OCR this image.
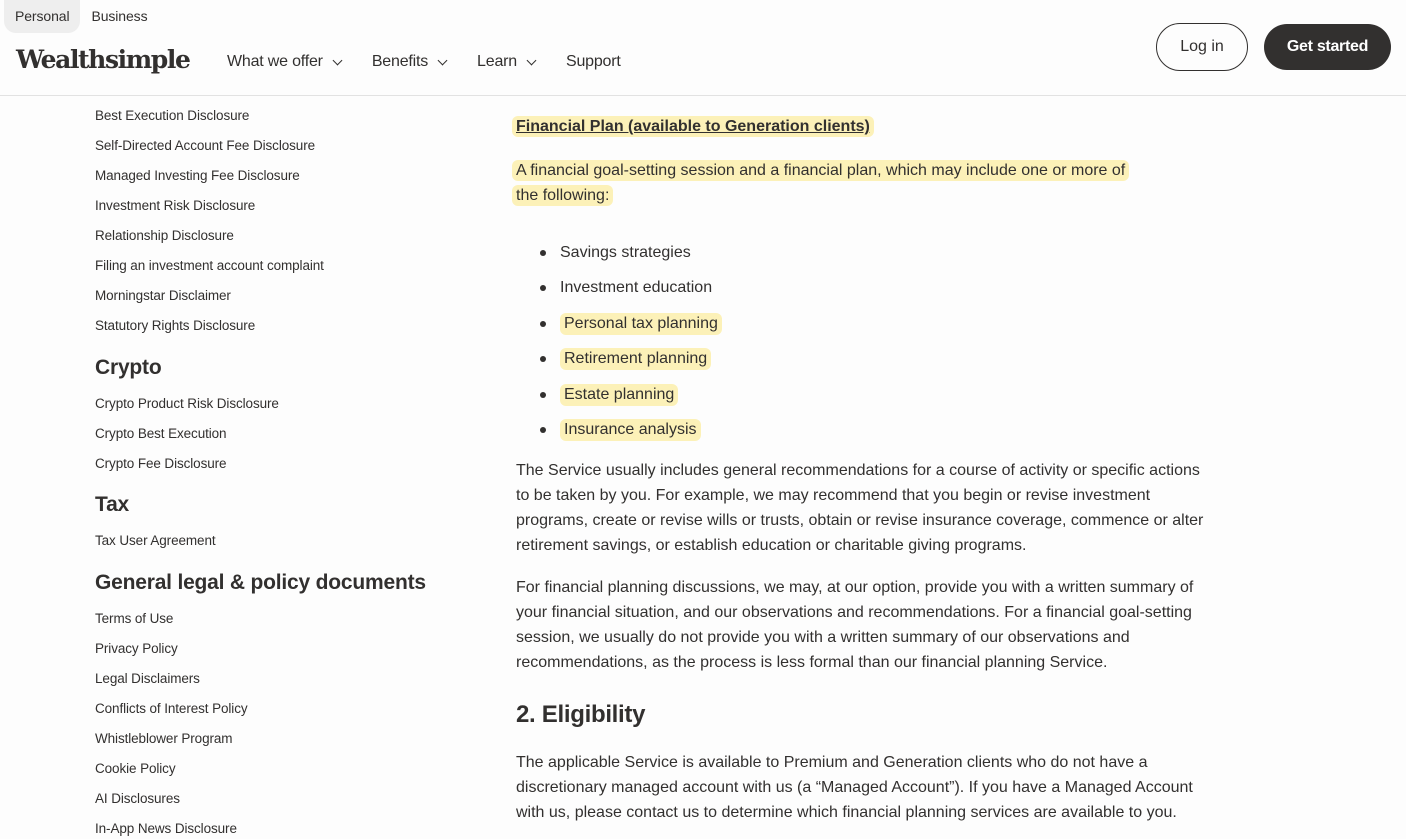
Personal	Business
Wealthsimple What we offer	Benefits	Learn	Support
Log in	Get started
Best Execution Disclosure
Self-Directed Account Fee Disclosure
Managed Investing Fee Disclosure
Investment Risk Disclosure
Relationship Disclosure
Filing an investment account complaint
Morningstar Disclaimer
Statutory Rights Disclosure
Crypto
Crypto Product Risk Disclosure
Crypto Best Execution
Crypto Fee Disclosure
Tax
Tax User Agreement
General legal & policy documents
Terms of Use
Privacy Policy
Legal Disclaimers
Conflicts of Interest Policy
Whistleblower Program
Cookie Policy
AI Disclosures
In-App News Disclosure
Financial Plan (available to Generation clients)
A financial goal-setting session and a financial plan, which may include one or more of the following:
Savings strategies
Investment education
Personal tax planning
Retirement planning
Estate planning
Insurance analysis

The Service usually includes general recommendations for a course of activity or specific actions to be taken by you. For example, we may recommend that you begin or revise investment programs, create or revise wills or trusts, obtain or revise insurance coverage, commence or alter retirement savings, or establish education or charitable giving programs.

For financial planning discussions, we may, at our option, provide you with a written summary of your financial situation, and our observations and recommendations. For a financial goal-setting session, we usually do not provide you with a written summary of our observations and recommendations, as the process is less formal than our financial planning Service.

2. Eligibility

The applicable Service is available to Premium and Generation clients who do not have a discretionary managed account with us (a “Managed Account”). If you have a Managed Account with us, please contact us to determine which financial planning services are available to you.
